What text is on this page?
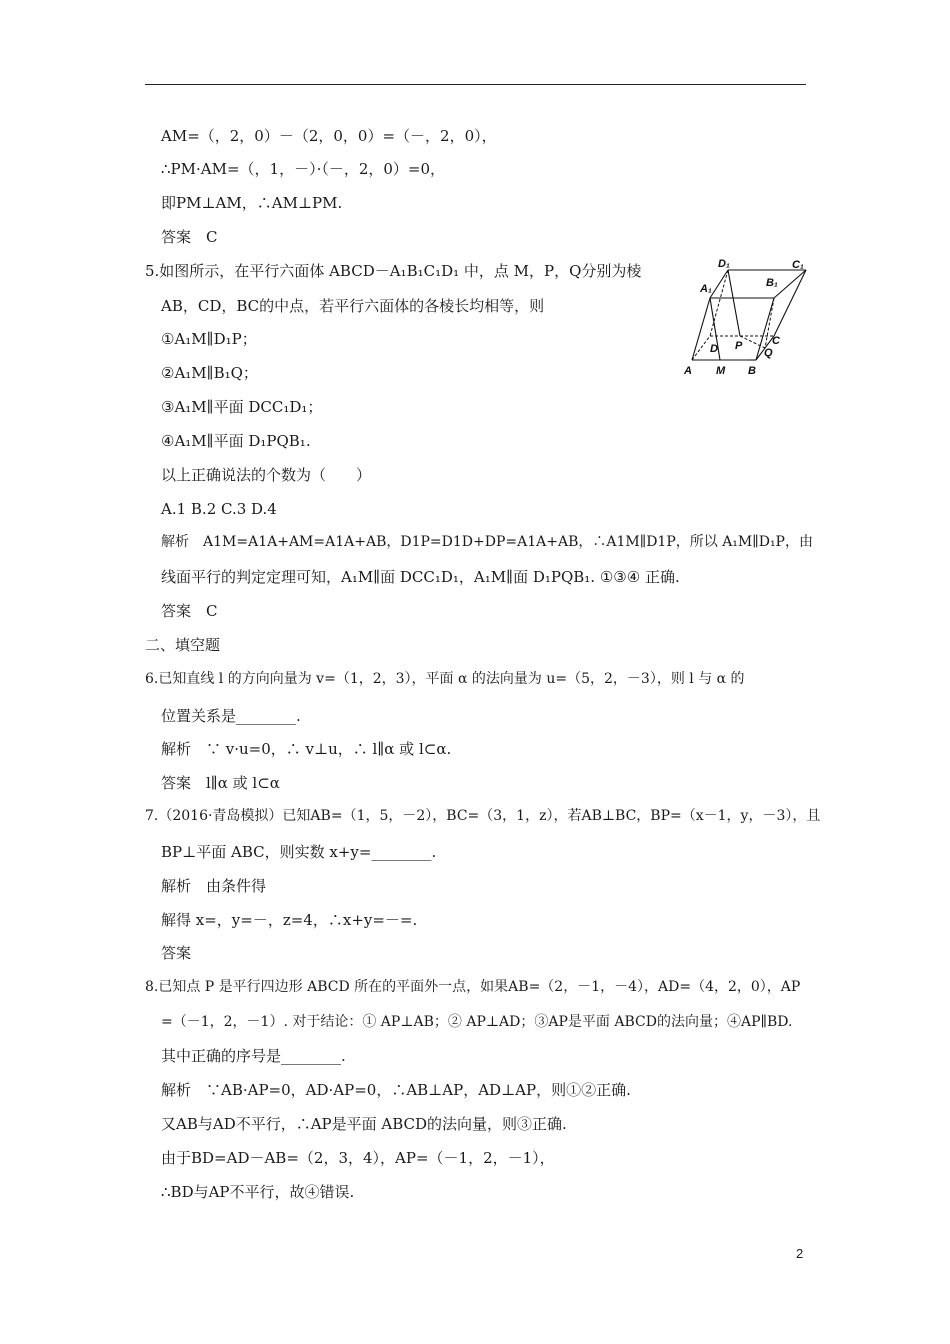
AM=（，2，0）－（2，0，0）=（－，2，0），
∴PM·AM=（，1，－）·（－，2，0）=0，
即PM⊥AM，∴AM⊥PM.
答案　C
5.如图所示，在平行六面体 ABCD－A₁B₁C₁D₁ 中，点 M，P，Q分别为棱
AB，CD，BC的中点，若平行六面体的各棱长均相等，则
①A₁M∥D₁P；
②A₁M∥B₁Q；
③A₁M∥平面 DCC₁D₁；
④A₁M∥平面 D₁PQB₁.
以上正确说法的个数为（　　）
A.1 B.2 C.3 D.4
解析　A1M=A1A+AM=A1A+AB，D1P=D1D+DP=A1A+AB，∴A1M∥D1P，所以 A₁M∥D₁P，由
线面平行的判定定理可知，A₁M∥面 DCC₁D₁，A₁M∥面 D₁PQB₁. ①③④ 正确.
答案　C
二、填空题
6.已知直线 l 的方向向量为 v=（1，2，3），平面 α 的法向量为 u=（5，2，－3），则 l 与 α 的
位置关系是________.
解析　∵ v·u=0，∴ v⊥u，∴ l∥α 或 l⊂α.
答案　l∥α 或 l⊂α
7.（2016·青岛模拟）已知AB=（1，5，－2），BC=（3，1，z），若AB⊥BC，BP=（x－1，y，－3），且
BP⊥平面 ABC，则实数 x+y=________.
解析　由条件得
解得 x=，y=－，z=4，∴x+y=－=.
答案
8.已知点 P 是平行四边形 ABCD 所在的平面外一点，如果AB=（2，－1，－4），AD=（4，2，0），AP
=（－1，2，－1）. 对于结论：① AP⊥AB；② AP⊥AD；③AP是平面 ABCD的法向量；④AP∥BD.
其中正确的序号是________.
解析　∵AB·AP=0，AD·AP=0，∴AB⊥AP，AD⊥AP，则①②正确.
又AB与AD不平行，∴AP是平面 ABCD的法向量，则③正确.
由于BD=AD－AB=（2，3，4），AP=（－1，2，－1），
∴BD与AP不平行，故④错误.
D₁
B₁
C₁
A₁
D P	C
Q
A M B
2
